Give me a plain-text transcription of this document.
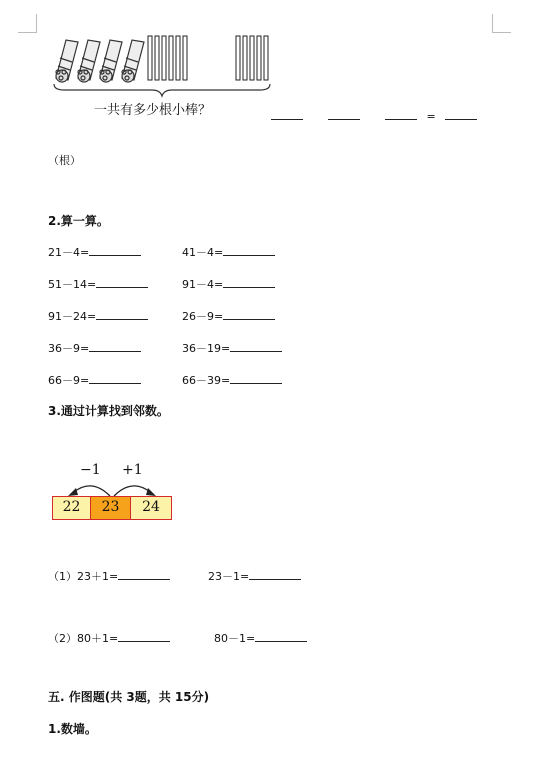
一共有多少根小棒？	=
（根）
2.算一算。
21－4=	41－4=
51－14=	91－4=
91－24=	26－9=
36－9=	36－19=
66－9=	66－39=
3.通过计算找到邻数。
−1 +1
22	23	24
（1）23＋1=	23－1=
（2）80＋1=	80－1=
五. 作图题(共 3题，共 15分)
1.数墙。
